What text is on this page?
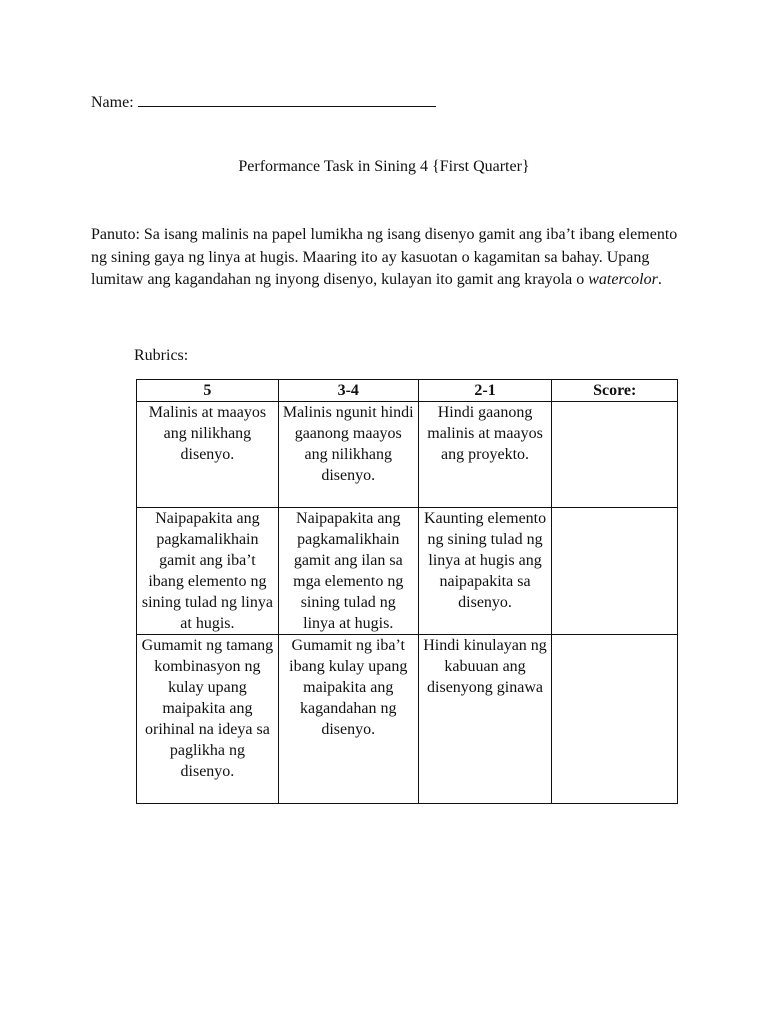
Name:
Performance Task in Sining 4 {First Quarter}
Panuto: Sa isang malinis na papel lumikha ng isang disenyo gamit ang iba’t ibang elemento ng sining gaya ng linya at hugis. Maaring ito ay kasuotan o kagamitan sa bahay. Upang lumitaw ang kagandahan ng inyong disenyo, kulayan ito gamit ang krayola o watercolor.
Rubrics:
5	3-4	2-1	Score:
Malinis at maayos ang nilikhang disenyo.	Malinis ngunit hindi gaanong maayos ang nilikhang disenyo.	Hindi gaanong malinis at maayos ang proyekto.	
Naipapakita ang pagkamalikhain gamit ang iba’t ibang elemento ng sining tulad ng linya at hugis.	Naipapakita ang pagkamalikhain gamit ang ilan sa mga elemento ng sining tulad ng linya at hugis.	Kaunting elemento ng sining tulad ng linya at hugis ang naipapakita sa disenyo.	
Gumamit ng tamang kombinasyon ng kulay upang maipakita ang orihinal na ideya sa paglikha ng disenyo.	Gumamit ng iba’t ibang kulay upang maipakita ang kagandahan ng disenyo.	Hindi kinulayan ng kabuuan ang disenyong ginawa	
